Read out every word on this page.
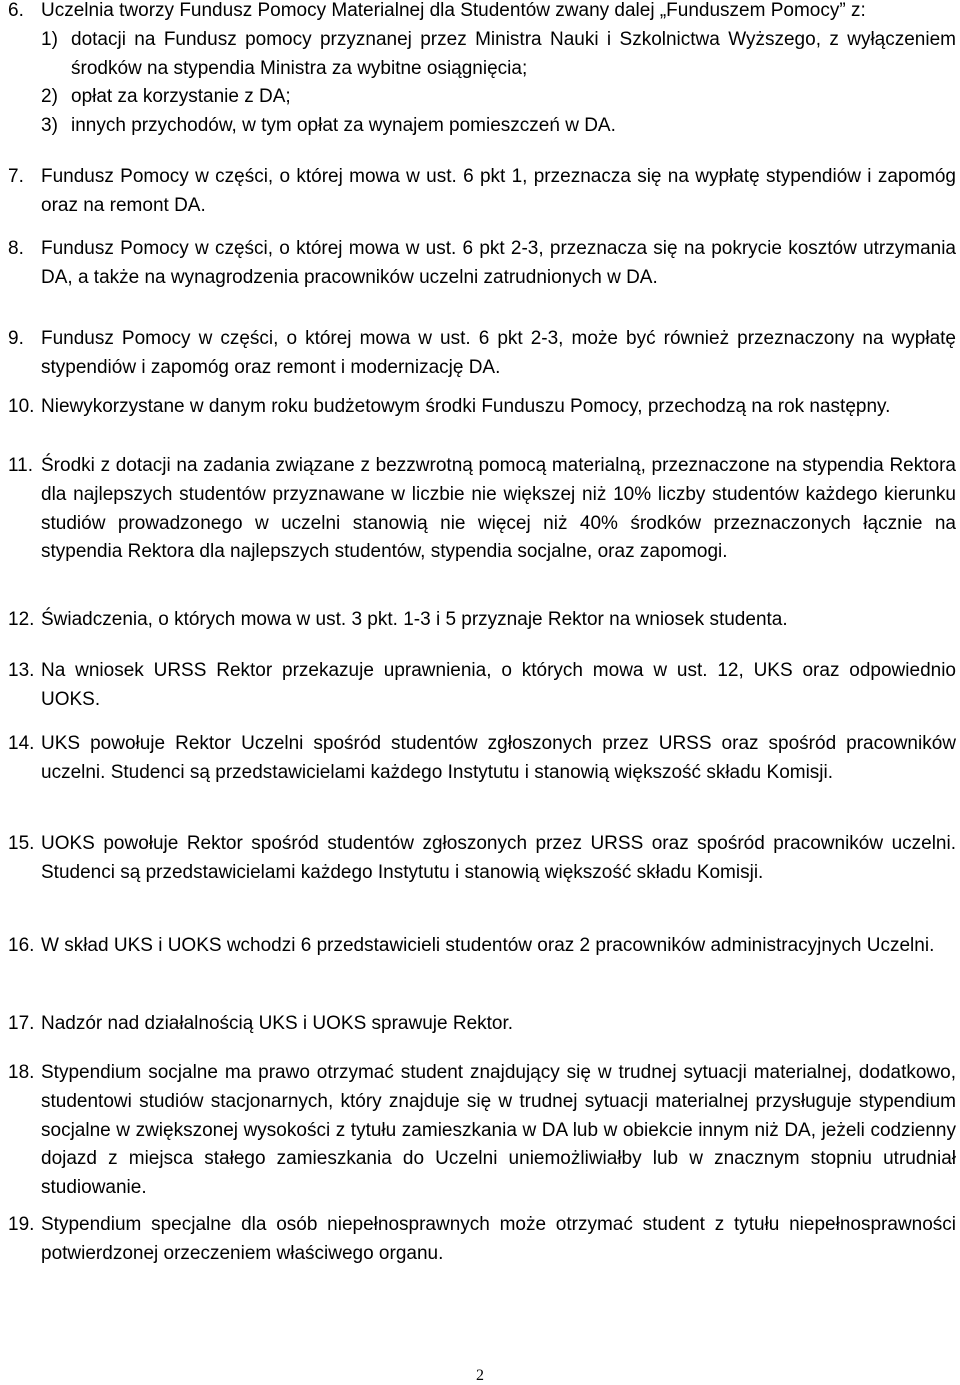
6. Uczelnia tworzy Fundusz Pomocy Materialnej dla Studentów zwany dalej „Funduszem Pomocy” z:
1) dotacji na Fundusz pomocy przyznanej przez Ministra Nauki i Szkolnictwa Wyższego, z wyłączeniem środków na stypendia Ministra za wybitne osiągnięcia;
2) opłat za korzystanie z DA;
3) innych przychodów, w tym opłat za wynajem pomieszczeń w DA.
7. Fundusz Pomocy w części, o której mowa w ust. 6 pkt 1, przeznacza się na wypłatę stypendiów i zapomóg oraz na remont DA.
8. Fundusz Pomocy w części, o której mowa w ust. 6 pkt 2-3, przeznacza się na pokrycie kosztów utrzymania DA, a także na wynagrodzenia pracowników uczelni zatrudnionych w DA.
9. Fundusz Pomocy w części, o której mowa w ust. 6 pkt 2-3, może być również przeznaczony na wypłatę stypendiów i zapomóg oraz remont i modernizację DA.
10. Niewykorzystane w danym roku budżetowym środki Funduszu Pomocy, przechodzą na rok następny.
11. Środki z dotacji na zadania związane z bezzwrotną pomocą materialną, przeznaczone na stypendia Rektora dla najlepszych studentów przyznawane w liczbie nie większej niż 10% liczby studentów każdego kierunku studiów prowadzonego w uczelni stanowią nie więcej niż 40% środków przeznaczonych łącznie na stypendia Rektora dla najlepszych studentów, stypendia socjalne, oraz zapomogi.
12. Świadczenia, o których mowa w ust. 3 pkt. 1-3 i 5 przyznaje Rektor na wniosek studenta.
13. Na wniosek URSS Rektor przekazuje uprawnienia, o których mowa w ust. 12, UKS oraz odpowiednio UOKS.
14. UKS powołuje Rektor Uczelni spośród studentów zgłoszonych przez URSS oraz spośród pracowników uczelni. Studenci są przedstawicielami każdego Instytutu i stanowią większość składu Komisji.
15. UOKS powołuje Rektor spośród studentów zgłoszonych przez URSS oraz spośród pracowników uczelni. Studenci są przedstawicielami każdego Instytutu i stanowią większość składu Komisji.
16. W skład UKS i UOKS wchodzi 6 przedstawicieli studentów oraz 2 pracowników administracyjnych Uczelni.
17. Nadzór nad działalnością UKS i UOKS sprawuje Rektor.
18. Stypendium socjalne ma prawo otrzymać student znajdujący się w trudnej sytuacji materialnej, dodatkowo, studentowi studiów stacjonarnych, który znajduje się w trudnej sytuacji materialnej przysługuje stypendium socjalne w zwiększonej wysokości z tytułu zamieszkania w DA lub w obiekcie innym niż DA, jeżeli codzienny dojazd z miejsca stałego zamieszkania do Uczelni uniemożliwiałby lub w znacznym stopniu utrudniał studiowanie.
19. Stypendium specjalne dla osób niepełnosprawnych może otrzymać student z tytułu niepełnosprawności potwierdzonej orzeczeniem właściwego organu.
2
